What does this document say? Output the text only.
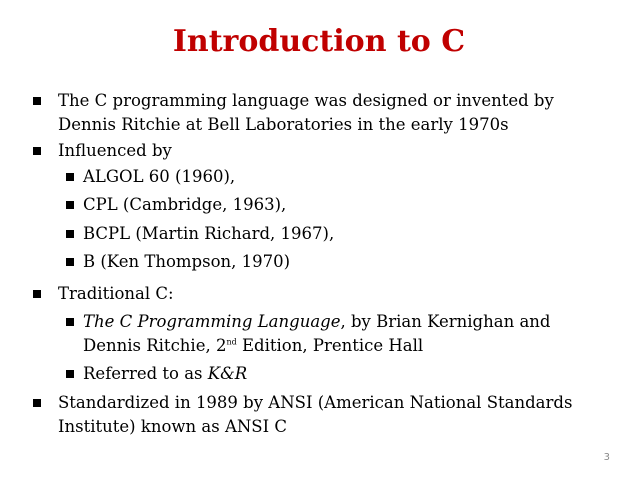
Introduction to C
The C programming language was designed or invented by
Dennis Ritchie at Bell Laboratories in the early 1970s
Influenced by
ALGOL 60 (1960),
CPL (Cambridge, 1963),
BCPL (Martin Richard, 1967),
B (Ken Thompson, 1970)
Traditional C:
The C Programming Language, by Brian Kernighan and
Dennis Ritchie, 2nd Edition, Prentice Hall
Referred to as K&R
Standardized in 1989 by ANSI (American National Standards
Institute) known as ANSI C
3
